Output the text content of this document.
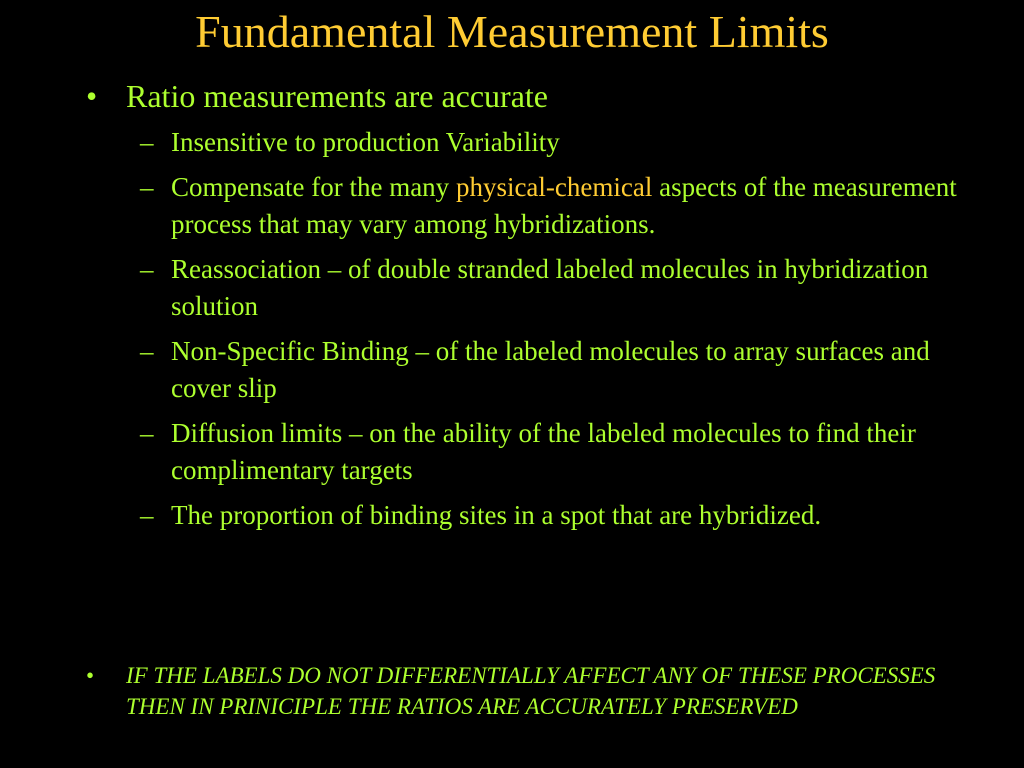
Fundamental Measurement Limits
• Ratio measurements are accurate
– Insensitive to production Variability
– Compensate for the many physical-chemical aspects of the measurement process that may vary among hybridizations.
– Reassociation – of double stranded labeled molecules in hybridization solution
– Non-Specific Binding – of the labeled molecules to array surfaces and cover slip
– Diffusion limits – on the ability of the labeled molecules to find their complimentary targets
– The proportion of binding sites in a spot that are hybridized.
•	IF THE LABELS DO NOT DIFFERENTIALLY AFFECT ANY OF THESE PROCESSES THEN IN PRINICIPLE THE RATIOS ARE ACCURATELY PRESERVED
